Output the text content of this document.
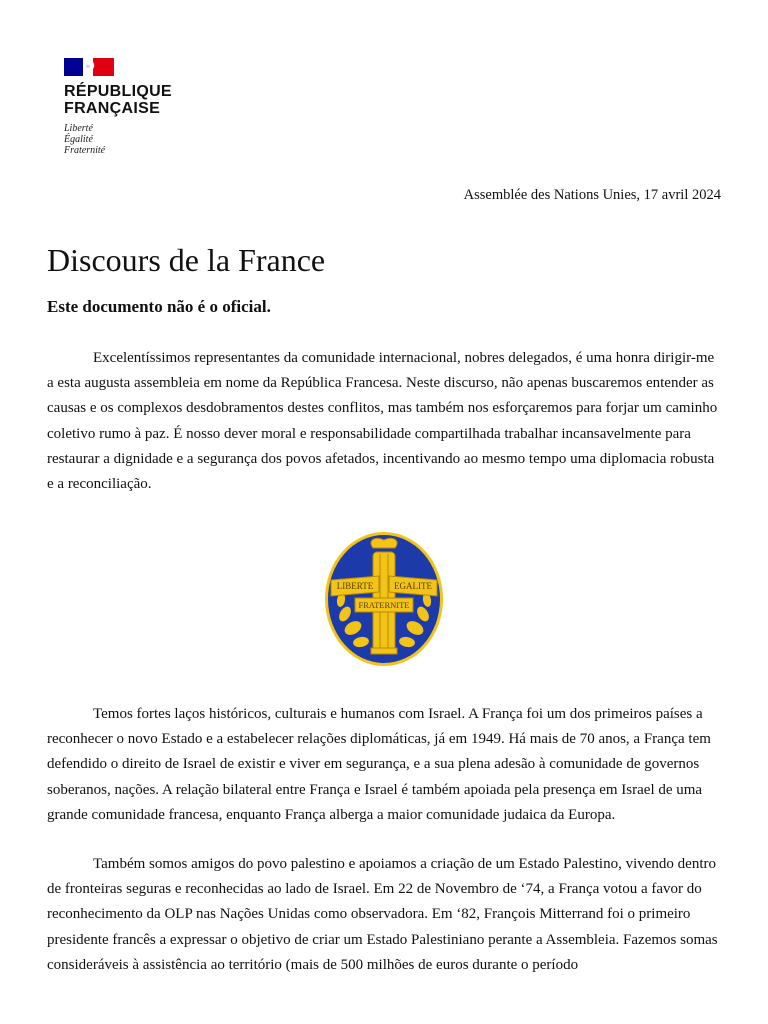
RÉPUBLIQUE
FRANÇAISE
Liberté
Égalité
Fraternité
Assemblée des Nations Unies, 17 avril 2024
Discours de la France
Este documento não é o oficial.

Excelentíssimos representantes da comunidade internacional, nobres delegados, é uma honra dirigir-me a esta augusta assembleia em nome da República Francesa. Neste discurso, não apenas buscaremos entender as causas e os complexos desdobramentos destes conflitos, mas também nos esforçaremos para forjar um caminho coletivo rumo à paz. É nosso dever moral e responsabilidade compartilhada trabalhar incansavelmente para restaurar a dignidade e a segurança dos povos afetados, incentivando ao mesmo tempo uma diplomacia robusta e a reconciliação.

LIBERTE EGALITE
FRATERNITE

Temos fortes laços históricos, culturais e humanos com Israel. A França foi um dos primeiros países a reconhecer o novo Estado e a estabelecer relações diplomáticas, já em 1949. Há mais de 70 anos, a França tem defendido o direito de Israel de existir e viver em segurança, e a sua plena adesão à comunidade de governos soberanos, nações. A relação bilateral entre França e Israel é também apoiada pela presença em Israel de uma grande comunidade francesa, enquanto França alberga a maior comunidade judaica da Europa.

Também somos amigos do povo palestino e apoiamos a criação de um Estado Palestino, vivendo dentro de fronteiras seguras e reconhecidas ao lado de Israel. Em 22 de Novembro de ‘74, a França votou a favor do reconhecimento da OLP nas Nações Unidas como observadora. Em ‘82, François Mitterrand foi o primeiro presidente francês a expressar o objetivo de criar um Estado Palestiniano perante a Assembleia. Fazemos somas consideráveis à assistência ao território (mais de 500 milhões de euros durante o período
